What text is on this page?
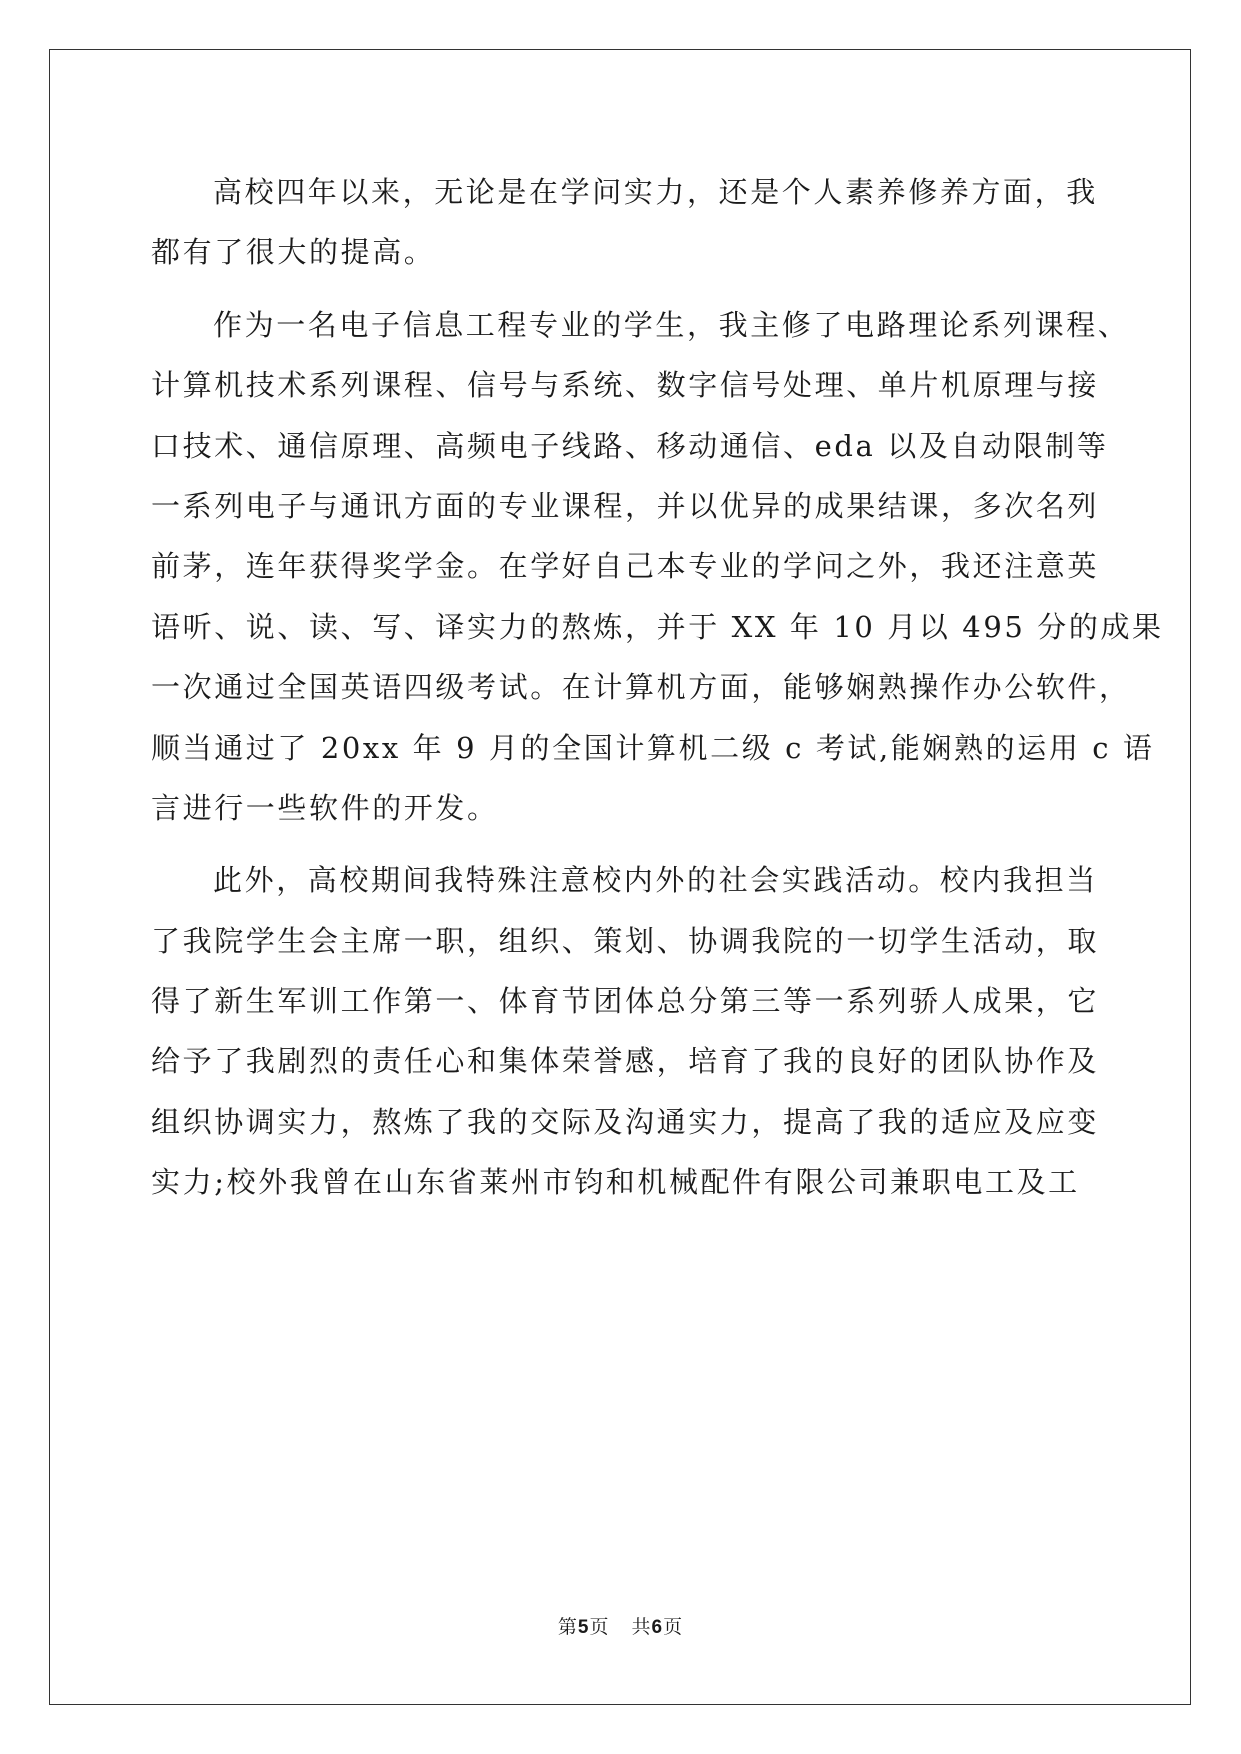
高校四年以来，无论是在学问实力，还是个人素养修养方面，我
都有了很大的提高。
作为一名电子信息工程专业的学生，我主修了电路理论系列课程、
计算机技术系列课程、信号与系统、数字信号处理、单片机原理与接
口技术、通信原理、高频电子线路、移动通信、eda 以及自动限制等
一系列电子与通讯方面的专业课程，并以优异的成果结课，多次名列
前茅，连年获得奖学金。在学好自己本专业的学问之外，我还注意英
语听、说、读、写、译实力的熬炼，并于 XX 年 10 月以 495 分的成果
一次通过全国英语四级考试。在计算机方面，能够娴熟操作办公软件，
顺当通过了 20xx 年 9 月的全国计算机二级 c 考试,能娴熟的运用 c 语
言进行一些软件的开发。
此外，高校期间我特殊注意校内外的社会实践活动。校内我担当
了我院学生会主席一职，组织、策划、协调我院的一切学生活动，取
得了新生军训工作第一、体育节团体总分第三等一系列骄人成果，它
给予了我剧烈的责任心和集体荣誉感，培育了我的良好的团队协作及
组织协调实力，熬炼了我的交际及沟通实力，提高了我的适应及应变
实力;校外我曾在山东省莱州市钧和机械配件有限公司兼职电工及工
第5页 共6页
